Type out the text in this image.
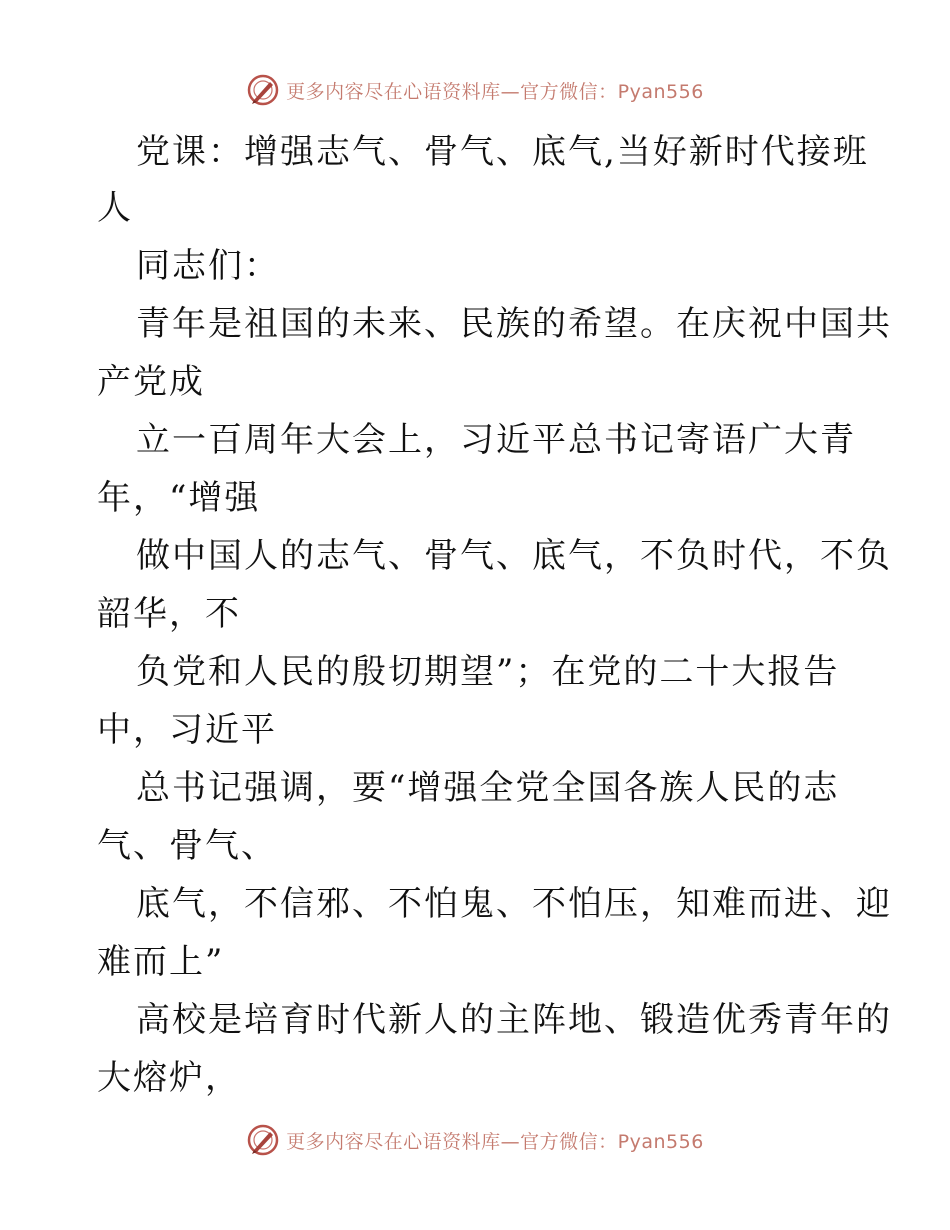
更多内容尽在心语资料库—官方微信：Pyan556
党课：增强志气、骨气、底气,当好新时代接班
人
同志们：
青年是祖国的未来、民族的希望。在庆祝中国共
产党成
立一百周年大会上，习近平总书记寄语广大青
年，“增强
做中国人的志气、骨气、底气，不负时代，不负
韶华，不
负党和人民的殷切期望”；在党的二十大报告
中，习近平
总书记强调，要“增强全党全国各族人民的志
气、骨气、
底气，不信邪、不怕鬼、不怕压，知难而进、迎
难而上”
高校是培育时代新人的主阵地、锻造优秀青年的
大熔炉，
更多内容尽在心语资料库—官方微信：Pyan556
